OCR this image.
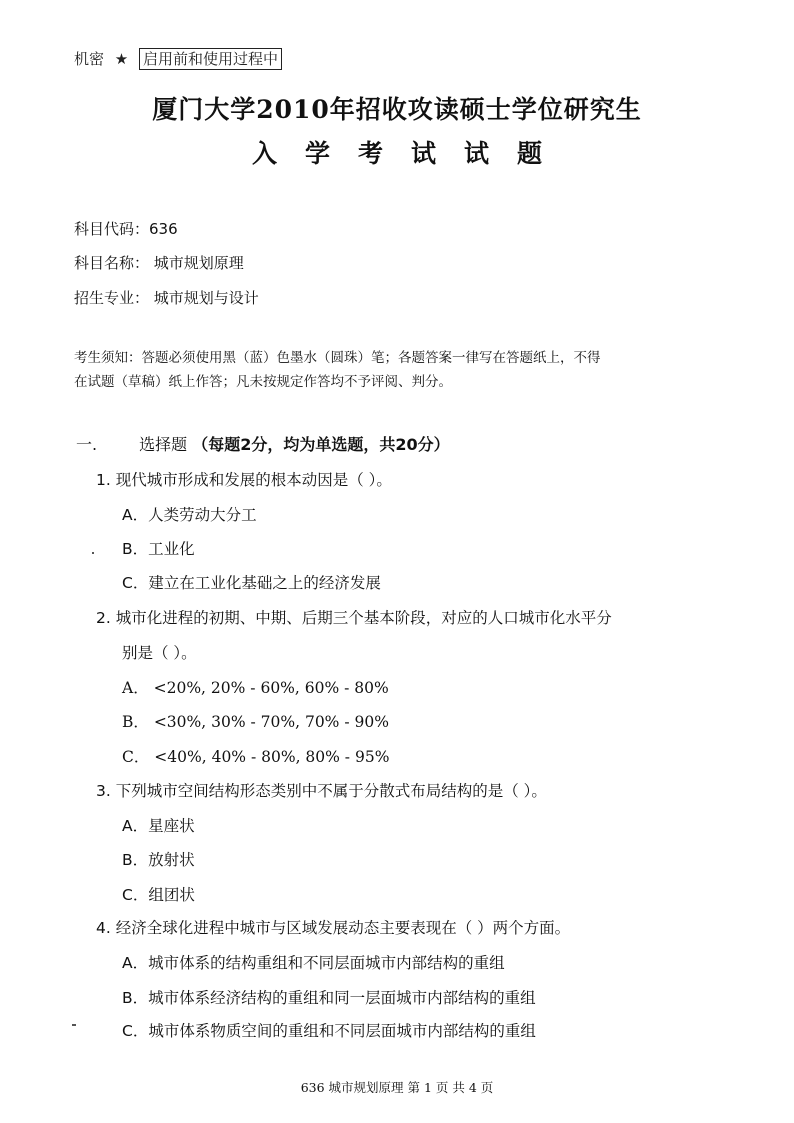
机密 ★ 启用前和使用过程中
厦门大学2010年招收攻读硕士学位研究生
入学考试试题
科目代码：636
科目名称： 城市规划原理
招生专业： 城市规划与设计
考生须知：答题必须使用黑（蓝）色墨水（圆珠）笔；各题答案一律写在答题纸上，不得
在试题（草稿）纸上作答；凡未按规定作答均不予评阅、判分。
一.	选择题 （每题2分，均为单选题，共20分）
1. 现代城市形成和发展的根本动因是（ ）。
A．人类劳动大分工
B．工业化
C．建立在工业化基础之上的经济发展
2. 城市化进程的初期、中期、后期三个基本阶段，对应的人口城市化水平分
别是（ ）。
A． <20%, 20% - 60%, 60% - 80%
B． <30%, 30% - 70%, 70% - 90%
C． <40%, 40% - 80%, 80% - 95%
3. 下列城市空间结构形态类别中不属于分散式布局结构的是（ ）。
A．星座状
B．放射状
C．组团状
4. 经济全球化进程中城市与区域发展动态主要表现在（ ）两个方面。
A．城市体系的结构重组和不同层面城市内部结构的重组
B．城市体系经济结构的重组和同一层面城市内部结构的重组
C．城市体系物质空间的重组和不同层面城市内部结构的重组
636 城市规划原理 第 1 页 共 4 页
